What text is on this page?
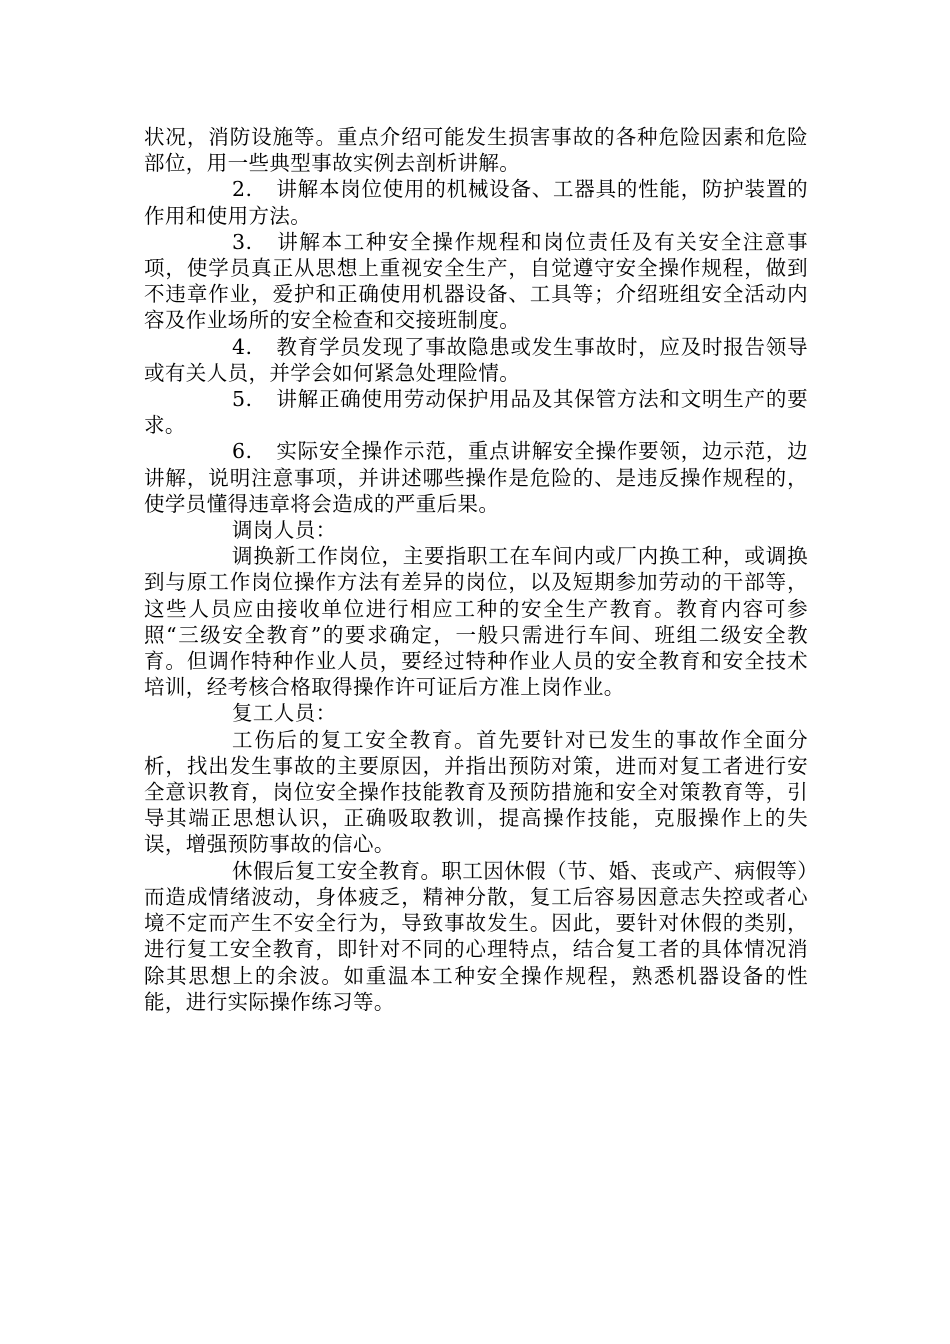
状况，消防设施等。重点介绍可能发生损害事故的各种危险因素和危险部位，用一些典型事故实例去剖析讲解。

2. 讲解本岗位使用的机械设备、工器具的性能，防护装置的作用和使用方法。

3. 讲解本工种安全操作规程和岗位责任及有关安全注意事项，使学员真正从思想上重视安全生产，自觉遵守安全操作规程，做到不违章作业，爱护和正确使用机器设备、工具等；介绍班组安全活动内容及作业场所的安全检查和交接班制度。

4. 教育学员发现了事故隐患或发生事故时，应及时报告领导或有关人员，并学会如何紧急处理险情。

5. 讲解正确使用劳动保护用品及其保管方法和文明生产的要求。

6. 实际安全操作示范，重点讲解安全操作要领，边示范，边讲解，说明注意事项，并讲述哪些操作是危险的、是违反操作规程的，使学员懂得违章将会造成的严重后果。

调岗人员：

调换新工作岗位，主要指职工在车间内或厂内换工种，或调换到与原工作岗位操作方法有差异的岗位，以及短期参加劳动的干部等，这些人员应由接收单位进行相应工种的安全生产教育。教育内容可参照“三级安全教育”的要求确定，一般只需进行车间、班组二级安全教育。但调作特种作业人员，要经过特种作业人员的安全教育和安全技术培训，经考核合格取得操作许可证后方准上岗作业。

复工人员：

工伤后的复工安全教育。首先要针对已发生的事故作全面分析，找出发生事故的主要原因，并指出预防对策，进而对复工者进行安全意识教育，岗位安全操作技能教育及预防措施和安全对策教育等，引导其端正思想认识，正确吸取教训，提高操作技能，克服操作上的失误，增强预防事故的信心。

休假后复工安全教育。职工因休假（节、婚、丧或产、病假等）而造成情绪波动，身体疲乏，精神分散，复工后容易因意志失控或者心境不定而产生不安全行为，导致事故发生。因此，要针对休假的类别，进行复工安全教育，即针对不同的心理特点，结合复工者的具体情况消除其思想上的余波。如重温本工种安全操作规程，熟悉机器设备的性能，进行实际操作练习等。
